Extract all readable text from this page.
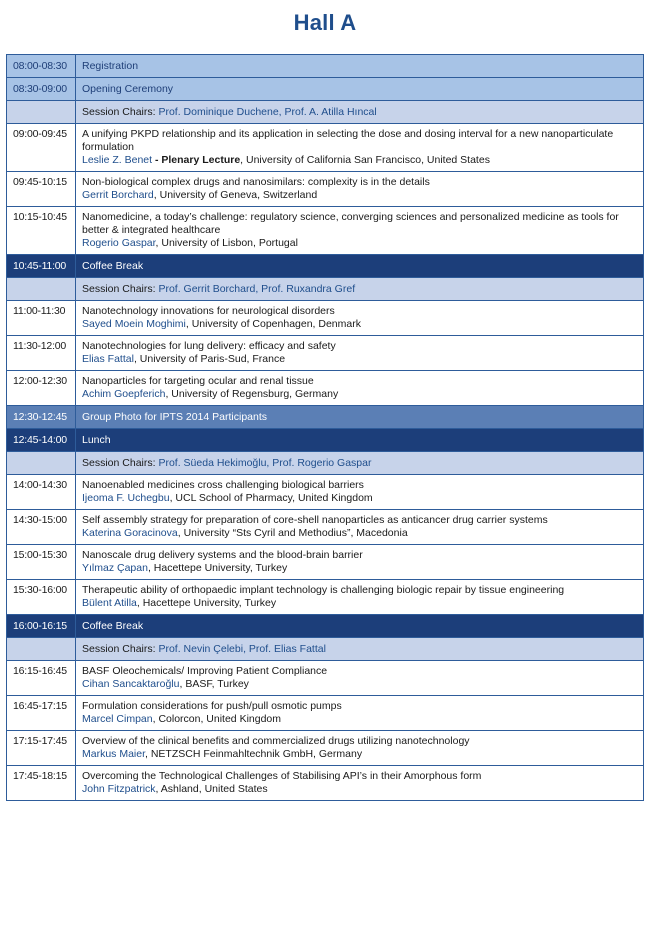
Hall A
08:00-08:30	Registration
08:30-09:00	Opening Ceremony
	Session Chairs: Prof. Dominique Duchene, Prof. A. Atilla Hıncal
09:00-09:45	A unifying PKPD relationship and its application in selecting the dose and dosing interval for a new nanoparticulate formulation
Leslie Z. Benet - Plenary Lecture, University of California San Francisco, United States

09:45-10:15	Non-biological complex drugs and nanosimilars: complexity is in the details
Gerrit Borchard, University of Geneva, Switzerland

10:15-10:45	Nanomedicine, a today’s challenge: regulatory science, converging sciences and personalized medicine as tools for better & integrated healthcare
Rogerio Gaspar, University of Lisbon, Portugal

10:45-11:00	Coffee Break
	Session Chairs: Prof. Gerrit Borchard, Prof. Ruxandra Gref
11:00-11:30	Nanotechnology innovations for neurological disorders
Sayed Moein Moghimi, University of Copenhagen, Denmark

11:30-12:00	Nanotechnologies for lung delivery: efficacy and safety
Elias Fattal, University of Paris-Sud, France

12:00-12:30	Nanoparticles for targeting ocular and renal tissue
Achim Goepferich, University of Regensburg, Germany

12:30-12:45	Group Photo for IPTS 2014 Participants
12:45-14:00	Lunch
	Session Chairs: Prof. Süeda Hekimoğlu, Prof. Rogerio Gaspar
14:00-14:30	Nanoenabled medicines cross challenging biological barriers
Ijeoma F. Uchegbu, UCL School of Pharmacy, United Kingdom

14:30-15:00	Self assembly strategy for preparation of core-shell nanoparticles as anticancer drug carrier systems
Katerina Goracinova, University “Sts Cyril and Methodius”, Macedonia

15:00-15:30	Nanoscale drug delivery systems and the blood-brain barrier
Yılmaz Çapan, Hacettepe University, Turkey

15:30-16:00	Therapeutic ability of orthopaedic implant technology is challenging biologic repair by tissue engineering
Bülent Atilla, Hacettepe University, Turkey

16:00-16:15	Coffee Break
	Session Chairs: Prof. Nevin Çelebi, Prof. Elias Fattal
16:15-16:45	BASF Oleochemicals/ Improving Patient Compliance
Cihan Sancaktaroğlu, BASF, Turkey

16:45-17:15	Formulation considerations for push/pull osmotic pumps
Marcel Cimpan, Colorcon, United Kingdom

17:15-17:45	Overview of the clinical benefits and commercialized drugs utilizing nanotechnology
Markus Maier, NETZSCH Feinmahltechnik GmbH, Germany

17:45-18:15	Overcoming the Technological Challenges of Stabilising API’s in their Amorphous form
John Fitzpatrick, Ashland, United States
